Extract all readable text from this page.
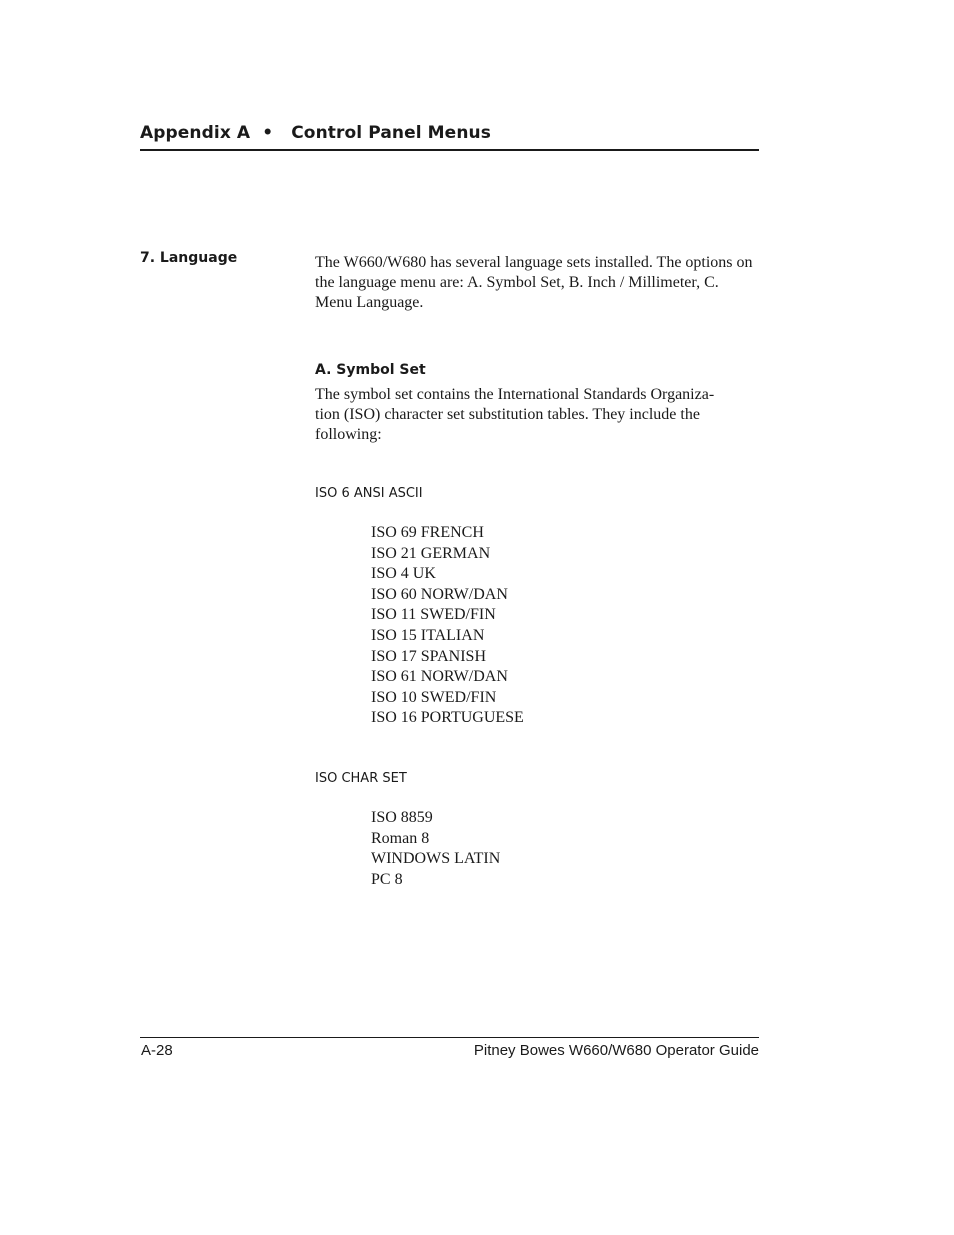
Appendix A  •   Control Panel Menus
7. Language	The W660/W680 has several language sets installed. The options on the language menu are: A. Symbol Set, B. Inch / Millimeter, C. Menu Language.
A. Symbol Set
The symbol set contains the International Standards Organiza-
tion (ISO) character set substitution tables. They include the
following:
ISO 6 ANSI ASCII
ISO 69 FRENCH
ISO 21 GERMAN
ISO 4 UK
ISO 60 NORW/DAN
ISO 11 SWED/FIN
ISO 15 ITALIAN
ISO 17 SPANISH
ISO 61 NORW/DAN
ISO 10 SWED/FIN
ISO 16 PORTUGUESE
ISO CHAR SET
ISO 8859
Roman 8
WINDOWS LATIN
PC 8
A-28	Pitney Bowes W660/W680 Operator Guide
